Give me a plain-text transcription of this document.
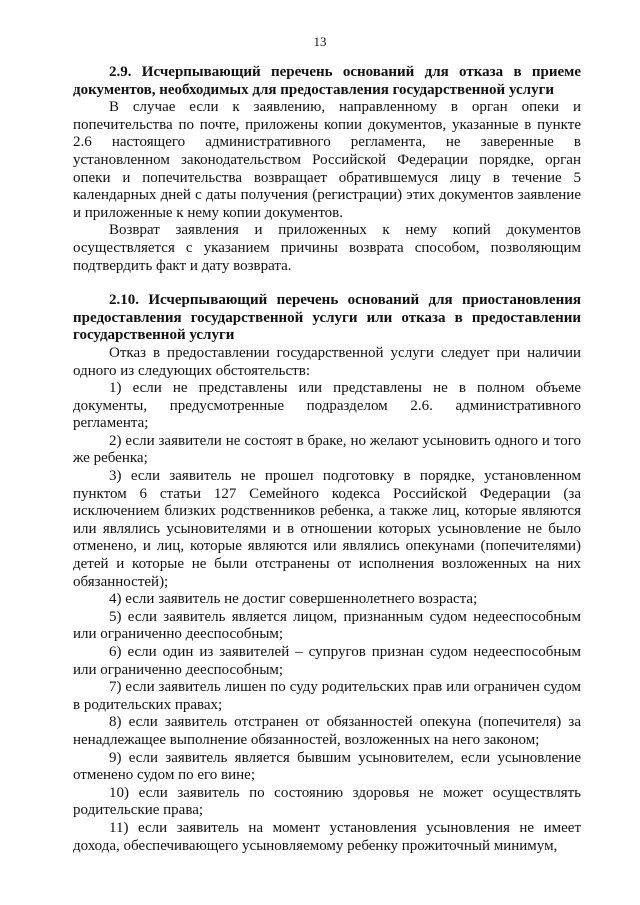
13

2.9. Исчерпывающий перечень оснований для отказа в приеме документов, необходимых для предоставления государственной услуги

В случае если к заявлению, направленному в орган опеки и попечительства по почте, приложены копии документов, указанные в пункте 2.6 настоящего административного регламента, не заверенные в установленном законодательством Российской Федерации порядке, орган опеки и попечительства возвращает обратившемуся лицу в течение 5 календарных дней с даты получения (регистрации) этих документов заявление и приложенные к нему копии документов.

Возврат заявления и приложенных к нему копий документов осуществляется с указанием причины возврата способом, позволяющим подтвердить факт и дату возврата.

2.10. Исчерпывающий перечень оснований для приостановления предоставления государственной услуги или отказа в предоставлении государственной услуги

Отказ в предоставлении государственной услуги следует при наличии одного из следующих обстоятельств:

1) если не представлены или представлены не в полном объеме документы, предусмотренные подразделом 2.6. административного регламента;

2) если заявители не состоят в браке, но желают усыновить одного и того же ребенка;

3) если заявитель не прошел подготовку в порядке, установленном пунктом 6 статьи 127 Семейного кодекса Российской Федерации (за исключением близких родственников ребенка, а также лиц, которые являются или являлись усыновителями и в отношении которых усыновление не было отменено, и лиц, которые являются или являлись опекунами (попечителями) детей и которые не были отстранены от исполнения возложенных на них обязанностей);

4) если заявитель не достиг совершеннолетнего возраста;

5) если заявитель является лицом, признанным судом недееспособным или ограниченно дееспособным;

6) если один из заявителей – супругов признан судом недееспособным или ограниченно дееспособным;

7) если заявитель лишен по суду родительских прав или ограничен судом в родительских правах;

8) если заявитель отстранен от обязанностей опекуна (попечителя) за ненадлежащее выполнение обязанностей, возложенных на него законом;

9) если заявитель является бывшим усыновителем, если усыновление отменено судом по его вине;

10) если заявитель по состоянию здоровья не может осуществлять родительские права;

11) если заявитель на момент установления усыновления не имеет дохода, обеспечивающего усыновляемому ребенку прожиточный минимум,
